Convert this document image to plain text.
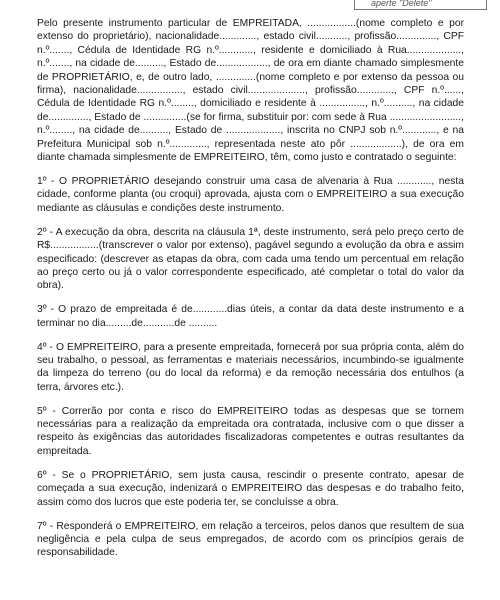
aperte "Delete"

Pelo presente instrumento particular de EMPREITADA, .................(nome completo e por extenso do proprietário), nacionalidade............., estado civil..........., profissão.............., CPF n.º......., Cédula de Identidade RG n.º............, residente e domiciliado à Rua..................., n.º......., na cidade de.........., Estado de.................., de ora em diante chamado simplesmente de PROPRIETÁRIO, e, de outro lado, ..............(nome completo e por extenso da pessoa ou firma), nacionalidade................, estado civil...................., profissão............., CPF n.º......, Cédula de Identidade RG n.º........, domiciliado e residente à ................, n.º.........., na cidade de.............., Estado de ...............(se for firma, substituir por: com sede à Rua ........................., n.º........, na cidade de.........., Estado de ..................., inscrita no CNPJ sob n.º............, e na Prefeitura Municipal sob n.º............., representada neste ato pôr ..................), de ora em diante chamada simplesmente de EMPREITEIRO, têm, como justo e contratado o seguinte:

1º - O PROPRIETÁRIO desejando construir uma casa de alvenaria à Rua ............, nesta cidade, conforme planta (ou croqui) aprovada, ajusta com o EMPREITEIRO a sua execução mediante as cláusulas e condições deste instrumento.

2º - A execução da obra, descrita na cláusula 1ª, deste instrumento, será pelo preço certo de R$.................(transcrever o valor por extenso), pagável segundo a evolução da obra e assim especificado: (descrever as etapas da obra, com cada uma tendo um percentual em relação ao preço certo ou já o valor correspondente especificado, até completar o total do valor da obra).

3º - O prazo de empreitada é de............dias úteis, a contar da data deste instrumento e a terminar no dia.........de...........de ..........

4º - O EMPREITEIRO, para a presente empreitada, fornecerá por sua própria conta, além do seu trabalho, o pessoal, as ferramentas e materiais necessários, incumbindo-se igualmente da limpeza do terreno (ou do local da reforma) e da remoção necessária dos entulhos (a terra, árvores etc.).

5º - Correrão por conta e risco do EMPREITEIRO todas as despesas que se tornem necessárias para a realização da empreitada ora contratada, inclusive com o que disser a respeito às exigências das autoridades fiscalizadoras competentes e outras resultantes da empreitada.

6º - Se o PROPRIETÁRIO, sem justa causa, rescindir o presente contrato, apesar de começada a sua execução, indenizará o EMPREITEIRO das despesas e do trabalho feito, assim como dos lucros que este poderia ter, se concluísse a obra.

7º - Responderá o EMPREITEIRO, em relação a terceiros, pelos danos que resultem de sua negligência e pela culpa de seus empregados, de acordo com os princípios gerais de responsabilidade.
